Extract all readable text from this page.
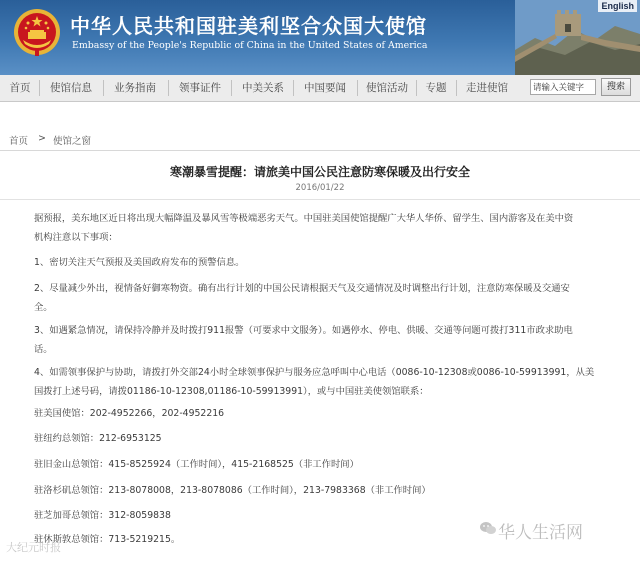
中华人民共和国驻美利坚合众国大使馆
Embassy of the People's Republic of China in the United States of America
English
首页	使馆信息	业务指南	领事证件	中美关系	中国要闻	使馆活动	专题	走进使馆	请输入关键字	搜索
首页 > 使馆之窗
寒潮暴雪提醒：请旅美中国公民注意防寒保暖及出行安全
2016/01/22
据预报，美东地区近日将出现大幅降温及暴风雪等极端恶劣天气。中国驻美国使馆提醒广大华人华侨、留学生、国内游客及在美中资
机构注意以下事项：
1、密切关注天气预报及美国政府发布的预警信息。
2、尽量减少外出，视情备好御寒物资。确有出行计划的中国公民请根据天气及交通情况及时调整出行计划，注意防寒保暖及交通安
全。
3、如遇紧急情况，请保持冷静并及时拨打911报警（可要求中文服务）。如遇停水、停电、供暖、交通等问题可拨打311市政求助电
话。
4、如需领事保护与协助，请拨打外交部24小时全球领事保护与服务应急呼叫中心电话（0086-10-12308或0086-10-59913991，从美
国拨打上述号码，请拨01186-10-12308,01186-10-59913991），或与中国驻美使领馆联系：
驻美国使馆：202-4952266，202-4952216
驻纽约总领馆：212-6953125
驻旧金山总领馆：415-8525924（工作时间），415-2168525（非工作时间）
驻洛杉矶总领馆：213-8078008，213-8078086（工作时间），213-7983368（非工作时间）
驻芝加哥总领馆：312-8059838
驻休斯敦总领馆：713-5219215。	华人生活网
大纪元时报
